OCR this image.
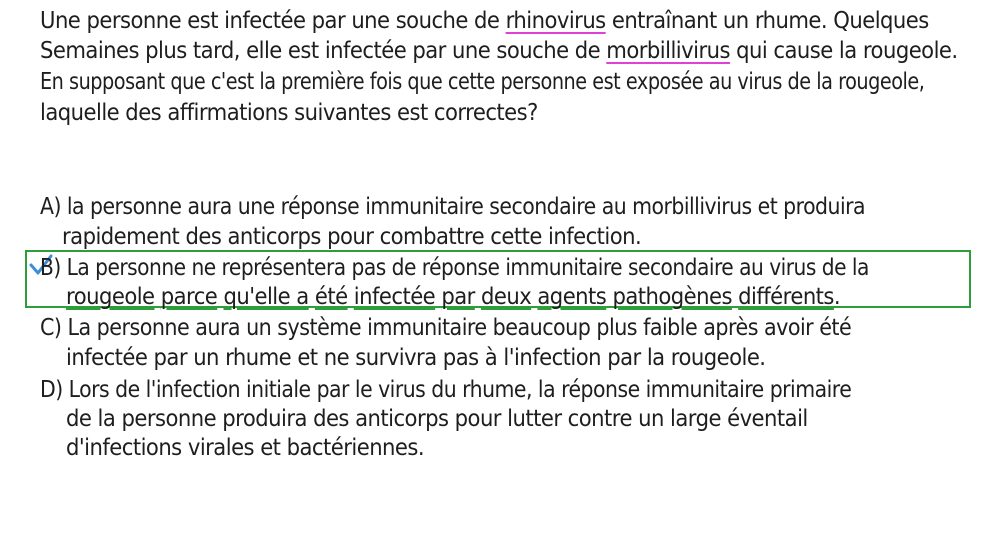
Une personne est infectée par une souche de rhinovirus entraînant un rhume. Quelques
Semaines plus tard, elle est infectée par une souche de morbillivirus qui cause la rougeole.
En supposant que c'est la première fois que cette personne est exposée au virus de la rougeole,
laquelle des affirmations suivantes est correctes?
A) la personne aura une réponse immunitaire secondaire au morbillivirus et produira
rapidement des anticorps pour combattre cette infection.
B) La personne ne représentera pas de réponse immunitaire secondaire au virus de la
rougeole parce qu'elle a été infectée par deux agents pathogènes différents.
C) La personne aura un système immunitaire beaucoup plus faible après avoir été
infectée par un rhume et ne survivra pas à l'infection par la rougeole.
D) Lors de l'infection initiale par le virus du rhume, la réponse immunitaire primaire
de la personne produira des anticorps pour lutter contre un large éventail
d'infections virales et bactériennes.
